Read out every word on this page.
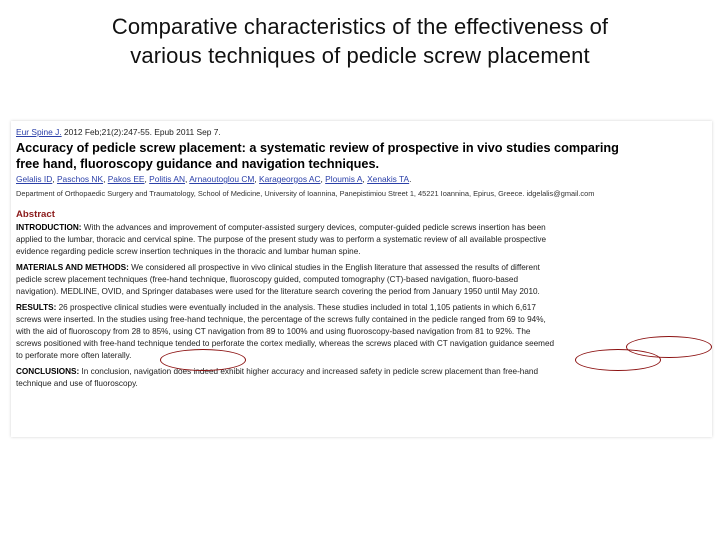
Comparative characteristics of the effectiveness of
various techniques of pedicle screw placement
Eur Spine J. 2012 Feb;21(2):247-55. Epub 2011 Sep 7.
Accuracy of pedicle screw placement: a systematic review of prospective in vivo studies comparing
free hand, fluoroscopy guidance and navigation techniques.
Gelalis ID, Paschos NK, Pakos EE, Politis AN, Arnaoutoglou CM, Karageorgos AC, Ploumis A, Xenakis TA.
Department of Orthopaedic Surgery and Traumatology, School of Medicine, University of Ioannina, Panepistimiou Street 1, 45221 Ioannina, Epirus, Greece. idgelalis@gmail.com
Abstract
INTRODUCTION: With the advances and improvement of computer-assisted surgery devices, computer-guided pedicle screws insertion has been
applied to the lumbar, thoracic and cervical spine. The purpose of the present study was to perform a systematic review of all available prospective
evidence regarding pedicle screw insertion techniques in the thoracic and lumbar human spine.
MATERIALS AND METHODS: We considered all prospective in vivo clinical studies in the English literature that assessed the results of different
pedicle screw placement techniques (free-hand technique, fluoroscopy guided, computed tomography (CT)-based navigation, fluoro-based
navigation). MEDLINE, OVID, and Springer databases were used for the literature search covering the period from January 1950 until May 2010.
RESULTS: 26 prospective clinical studies were eventually included in the analysis. These studies included in total 1,105 patients in which 6,617
screws were inserted. In the studies using free-hand technique, the percentage of the screws fully contained in the pedicle ranged from 69 to 94%,
with the aid of fluoroscopy from 28 to 85%, using CT navigation from 89 to 100% and using fluoroscopy-based navigation from 81 to 92%. The
screws positioned with free-hand technique tended to perforate the cortex medially, whereas the screws placed with CT navigation guidance seemed
to perforate more often laterally.
CONCLUSIONS: In conclusion, navigation does indeed exhibit higher accuracy and increased safety in pedicle screw placement than free-hand
technique and use of fluoroscopy.
